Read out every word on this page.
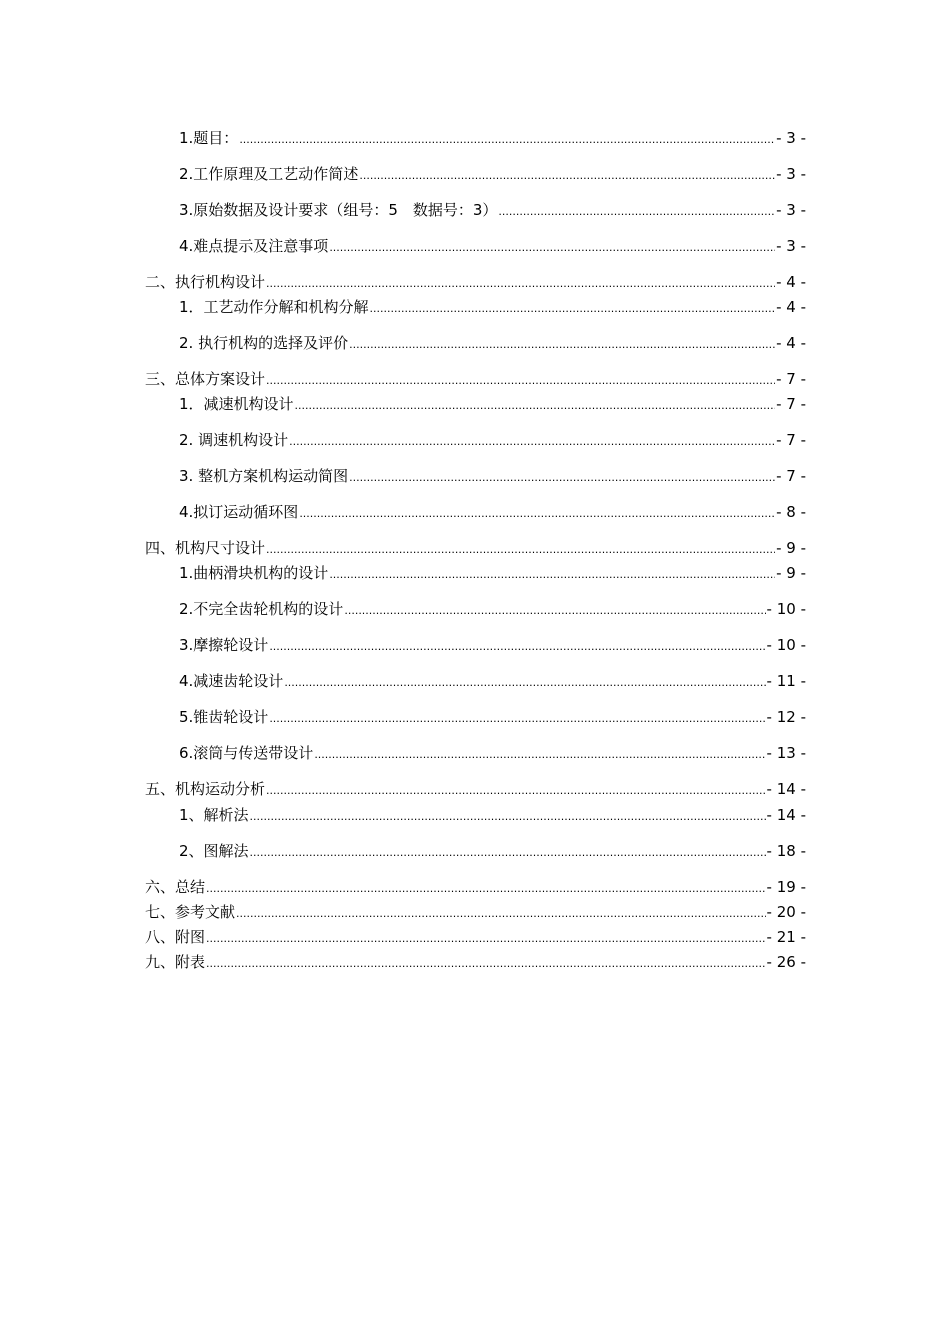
1.题目： .....	- 3 -
2.工作原理及工艺动作简述 .....	- 3 -
3.原始数据及设计要求（组号：5　数据号：3） .....	- 3 -
4.难点提示及注意事项 .....	- 3 -
二、执行机构设计 .....	- 4 -
1．工艺动作分解和机构分解 .....	- 4 -
2. 执行机构的选择及评价 .....	- 4 -
三、总体方案设计 .....	- 7 -
1．减速机构设计 .....	- 7 -
2. 调速机构设计 .....	- 7 -
3. 整机方案机构运动简图 .....	- 7 -
4.拟订运动循环图 .....	- 8 -
四、机构尺寸设计 .....	- 9 -
1.曲柄滑块机构的设计 .....	- 9 -
2.不完全齿轮机构的设计 .....	- 10 -
3.摩擦轮设计 .....	- 10 -
4.减速齿轮设计 .....	- 11 -
5.锥齿轮设计 .....	- 12 -
6.滚筒与传送带设计 .....	- 13 -
五、机构运动分析 .....	- 14 -
1、解析法 .....	- 14 -
2、图解法 .....	- 18 -
六、总结 .....	- 19 -
七、参考文献 .....	- 20 -
八、附图 .....	- 21 -
九、附表 .....	- 26 -
